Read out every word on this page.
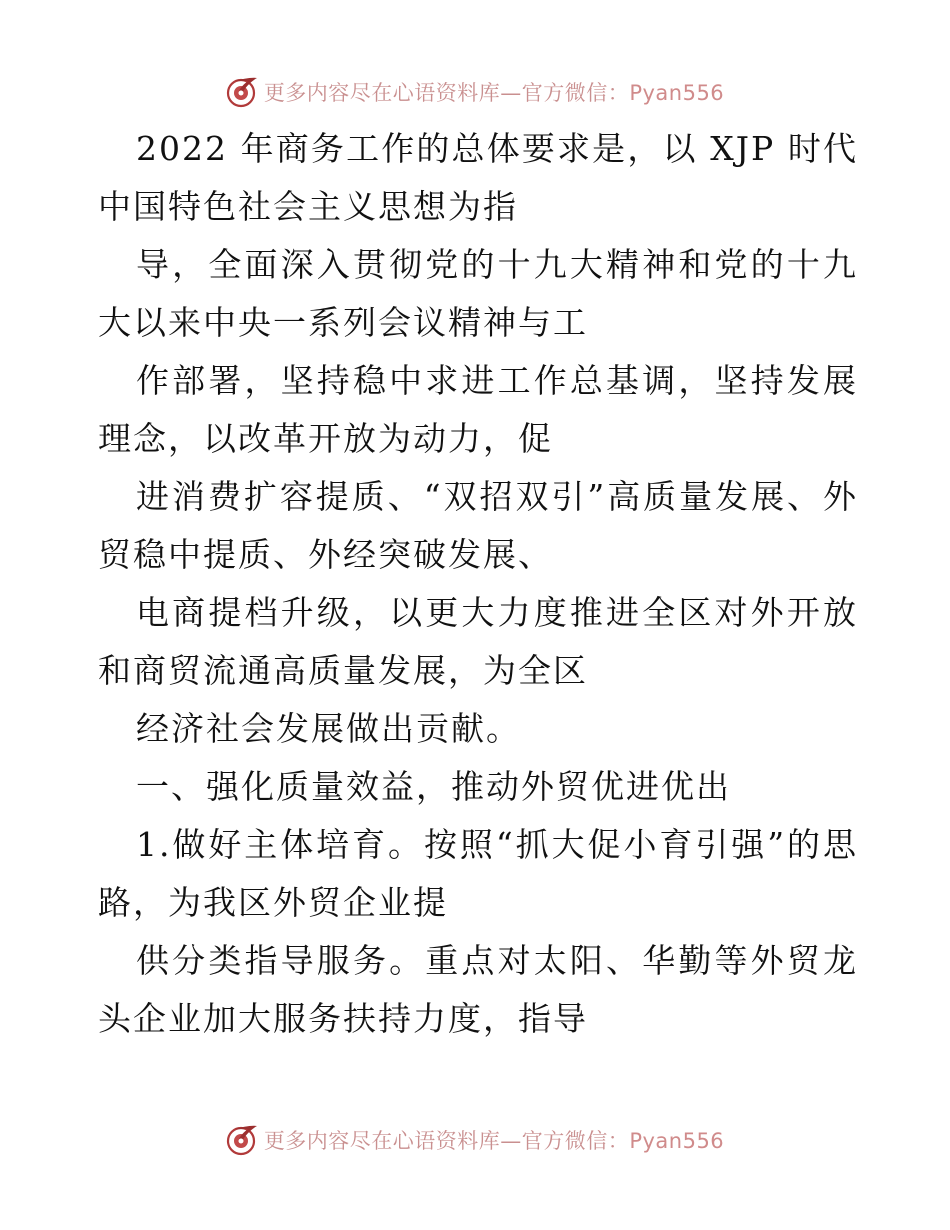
更多内容尽在心语资料库—官方微信：Pyan556

2022 年商务工作的总体要求是，以 XJP 时代中国特色社会主义思想为指

导，全面深入贯彻党的十九大精神和党的十九大以来中央一系列会议精神与工

作部署，坚持稳中求进工作总基调，坚持发展理念，以改革开放为动力，促

进消费扩容提质、“双招双引”高质量发展、外贸稳中提质、外经突破发展、

电商提档升级，以更大力度推进全区对外开放和商贸流通高质量发展，为全区

经济社会发展做出贡献。

一、强化质量效益，推动外贸优进优出

1.做好主体培育。按照“抓大促小育引强”的思路，为我区外贸企业提

供分类指导服务。重点对太阳、华勤等外贸龙头企业加大服务扶持力度，指导

更多内容尽在心语资料库—官方微信：Pyan556
